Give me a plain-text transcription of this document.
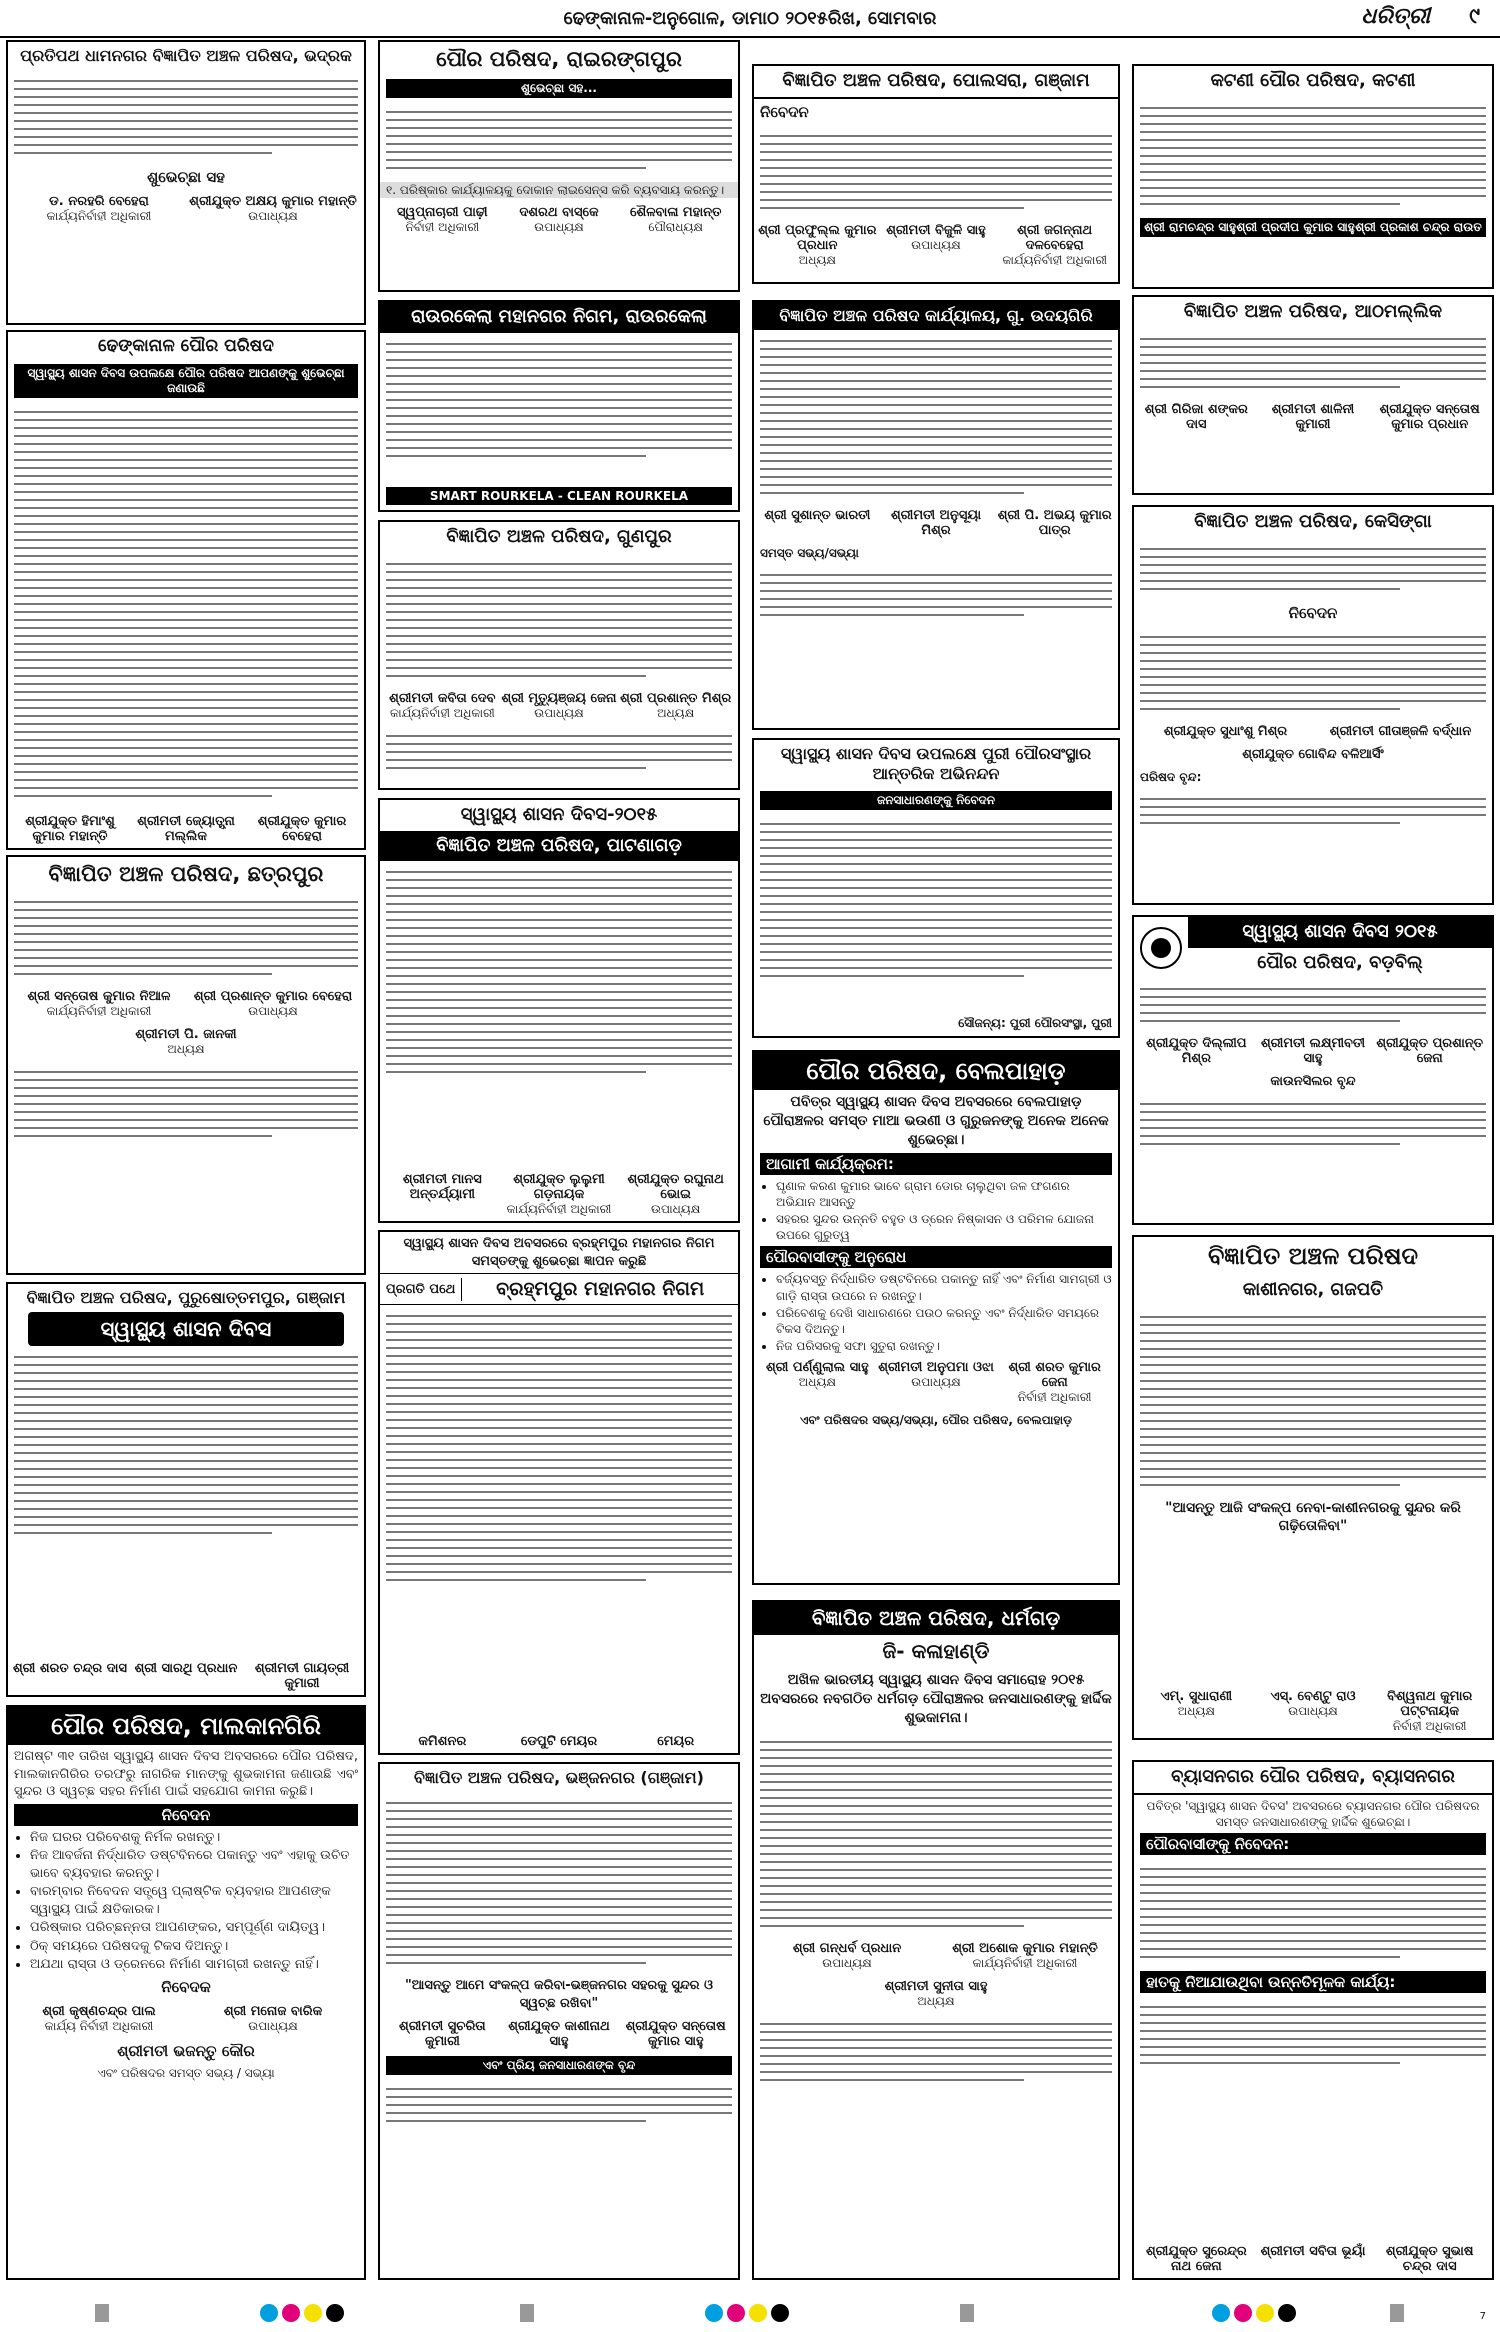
ଢେଙ୍କାନାଳ-ଅନୁଗୋଳ, ଡାମାଠ ୨୦୧୫ରିଖ, ସୋମବାର	ଧରିତ୍ରୀ ୯
ପ୍ରତିପଥ ଧାମନଗର ବିଜ୍ଞାପିତ ଅଞ୍ଚଳ ପରିଷଦ, ଭଦ୍ରକ
ଶୁଭେଚ୍ଛା ସହ
ଡ. ନରହରି ବେହେରା
କାର୍ଯ୍ୟନିର୍ବାହୀ ଅଧିକାରୀ
ଶ୍ରୀଯୁକ୍ତ ଅକ୍ଷୟ କୁମାର ମହାନ୍ତି
ଉପାଧ୍ୟକ୍ଷ
ଢେଙ୍କାନାଳ ପୌର ପରିଷଦ
ସ୍ୱାସ୍ଥ୍ୟ ଶାସନ ଦିବସ ଉପଲକ୍ଷେ ପୌର ପରିଷଦ ଆପଣଙ୍କୁ ଶୁଭେଚ୍ଛା ଜଣାଉଛି
ଶ୍ରୀଯୁକ୍ତ ହିମାଂଶୁ କୁମାର ମହାନ୍ତି
ଶ୍ରୀମତୀ ଜ୍ୟୋତ୍ସ୍ନା ମଲ୍ଲିକ
ଶ୍ରୀଯୁକ୍ତ କୁମାର ବେହେରା
ବିଜ୍ଞାପିତ ଅଞ୍ଚଳ ପରିଷଦ, ଛତ୍ରପୁର
ଶ୍ରୀ ସନ୍ତୋଷ କୁମାର ନିଆଳ
କାର୍ଯ୍ୟନିର୍ବାହୀ ଅଧିକାରୀ
ଶ୍ରୀ ପ୍ରଶାନ୍ତ କୁମାର ବେହେରା
ଉପାଧ୍ୟକ୍ଷ
ଶ୍ରୀମତୀ ପି. ଜାନକୀ
ଅଧ୍ୟକ୍ଷ
ବିଜ୍ଞାପିତ ଅଞ୍ଚଳ ପରିଷଦ, ପୁରୁଷୋତ୍ତମପୁର, ଗଞ୍ଜାମ
ସ୍ୱାସ୍ଥ୍ୟ ଶାସନ ଦିବସ
ଶ୍ରୀ ଶରତ ଚନ୍ଦ୍ର ଦାସ ଶ୍ରୀ ସାରଥି ପ୍ରଧାନ	ଶ୍ରୀମତୀ ଗାୟତ୍ରୀ କୁମାରୀ
ପୌର ପରିଷଦ, ମାଲକାନଗିରି

ଅଗଷ୍ଟ ୩୧ ତାରିଖ ସ୍ୱାସ୍ଥ୍ୟ ଶାସନ ଦିବସ ଅବସରରେ ପୌର ପରିଷଦ, ମାଲକାନଗିରିର ତରଫରୁ ନାଗରିକ ମାନଙ୍କୁ ଶୁଭକାମନା ଜଣାଉଛି ଏବଂ ସୁନ୍ଦର ଓ ସ୍ୱଚ୍ଛ ସହର ନିର୍ମାଣ ପାଇଁ ସହଯୋଗ କାମନା କରୁଛି।

ନିବେଦନ
• ନିଜ ଘରର ପରିବେଶକୁ ନିର୍ମଳ ରଖନ୍ତୁ।
• ନିଜ ଆବର୍ଜନା ନିର୍ଦ୍ଧାରିତ ଡଷ୍ଟବିନରେ ପକାନ୍ତୁ ଏବଂ ଏହାକୁ ଉଚିତ ଭାବେ ବ୍ୟବହାର କରନ୍ତୁ।
• ବାରମ୍ବାର ନିବେଦନ ସତ୍ତ୍ୱେ ପ୍ଲାଷ୍ଟିକ ବ୍ୟବହାର ଆପଣଙ୍କ ସ୍ୱାସ୍ଥ୍ୟ ପାଇଁ କ୍ଷତିକାରକ।
• ପରିଷ୍କାର ପରିଚ୍ଛନ୍ନତା ଆପଣଙ୍କର, ସମ୍ପୂର୍ଣ୍ଣ ଦାୟିତ୍ୱ।
• ଠିକ୍ ସମୟରେ ପରିଷଦକୁ ଟିକସ ଦିଅନ୍ତୁ।
• ଅଯଥା ରାସ୍ତା ଓ ଡ୍ରେନରେ ନିର୍ମାଣ ସାମଗ୍ରୀ ରଖନ୍ତୁ ନାହିଁ।
ନିବେଦକ
ଶ୍ରୀ କୃଷ୍ଣଚନ୍ଦ୍ର ପାଲ
କାର୍ଯ୍ୟ ନିର୍ବାହୀ ଅଧିକାରୀ
ଶ୍ରୀ ମନୋଜ ବାରିକ
ଉପାଧ୍ୟକ୍ଷ
ଶ୍ରୀମତୀ ଭଜନ୍ତୁ କୌର

ଏବଂ ପରିଷଦର ସମସ୍ତ ସଭ୍ୟ / ସଭ୍ୟା

ପୌର ପରିଷଦ, ରାଇରଙ୍ଗପୁର
ଶୁଭେଚ୍ଛା ସହ...

୧. ପରିଷ୍କାର କାର୍ଯ୍ୟାଳୟକୁ ଦୋକାନ ଲାଇସେନ୍ସ କରି ବ୍ୟବସାୟ କରନ୍ତୁ।

ସ୍ୱପ୍ନାଚାରୀ ପାଢ଼ୀ
ନିର୍ବାହୀ ଅଧିକାରୀ
ଦଶରଥ ବାସ୍କେ
ଉପାଧ୍ୟକ୍ଷ
ଶୈଳବାଳା ମହାନ୍ତ
ପୌରାଧ୍ୟକ୍ଷ
ରାଉରକେଲା ମହାନଗର ନିଗମ, ରାଉରକେଲା
SMART ROURKELA - CLEAN ROURKELA
ବିଜ୍ଞାପିତ ଅଞ୍ଚଳ ପରିଷଦ, ଗୁଣପୁର
ଶ୍ରୀମତୀ କବିତା ଦେବ
କାର୍ଯ୍ୟନିର୍ବାହୀ ଅଧିକାରୀ
ଶ୍ରୀ ମୃତ୍ୟୁଞ୍ଜୟ ଜେନା
ଉପାଧ୍ୟକ୍ଷ
ଶ୍ରୀ ପ୍ରଶାନ୍ତ ମିଶ୍ର
ଅଧ୍ୟକ୍ଷ
ସ୍ୱାସ୍ଥ୍ୟ ଶାସନ ଦିବସ-୨୦୧୫
ବିଜ୍ଞାପିତ ଅଞ୍ଚଳ ପରିଷଦ, ପାଟଣାଗଡ଼
ଶ୍ରୀମତୀ ମାନସ ଅନ୍ତର୍ଯ୍ୟାମୀ
ଶ୍ରୀଯୁକ୍ତ ଲୁଲୁମୀ ଗଡ଼ନାୟକ
କାର୍ଯ୍ୟନିର୍ବାହୀ ଅଧିକାରୀ
ଶ୍ରୀଯୁକ୍ତ ରଘୁନାଥ ଭୋଇ
ଉପାଧ୍ୟକ୍ଷ

ସ୍ୱାସ୍ଥ୍ୟ ଶାସନ ଦିବସ ଅବସରରେ ବ୍ରହ୍ମପୁର ମହାନଗର ନିଗମ ସମସ୍ତଙ୍କୁ ଶୁଭେଚ୍ଛା ଜ୍ଞାପନ କରୁଛି

ପ୍ରଗତି ପଥେ	ବ୍ରହ୍ମପୁର ମହାନଗର ନିଗମ
କମିଶନର	ଡେପୁଟି ମେୟର	ମେୟର
ବିଜ୍ଞାପିତ ଅଞ୍ଚଳ ପରିଷଦ, ଭଞ୍ଜନଗର (ଗଞ୍ଜାମ)

"ଆସନ୍ତୁ ଆମେ ସଂକଳ୍ପ କରିବା-ଭଞ୍ଜନଗର ସହରକୁ ସୁନ୍ଦର ଓ ସ୍ୱଚ୍ଛ ରଖିବା"

ଶ୍ରୀମତୀ ସୁଚରିତା କୁମାରୀ
ଶ୍ରୀଯୁକ୍ତ କାଶୀନାଥ ସାହୁ
ଶ୍ରୀଯୁକ୍ତ ସନ୍ତୋଷ କୁମାର ସାହୁ
ଏବଂ ପ୍ରିୟ ଜନସାଧାରଣଙ୍କ ବୃନ୍ଦ
ବିଜ୍ଞାପିତ ଅଞ୍ଚଳ ପରିଷଦ, ପୋଲସରା, ଗଞ୍ଜାମ
ନିବେଦନ
ଶ୍ରୀ ପ୍ରଫୁଲ୍ଲ କୁମାର ପ୍ରଧାନ
ଅଧ୍ୟକ୍ଷ
ଶ୍ରୀମତୀ ବିଜୁଳି ସାହୁ
ଉପାଧ୍ୟକ୍ଷ
ଶ୍ରୀ ଜଗନ୍ନାଥ ଦଳବେହେରା
କାର୍ଯ୍ୟନିର୍ବାହୀ ଅଧିକାରୀ
ବିଜ୍ଞାପିତ ଅଞ୍ଚଳ ପରିଷଦ କାର୍ଯ୍ୟାଳୟ, ଗୁ. ଉଦୟଗିରି
ଶ୍ରୀ ସୁଶାନ୍ତ ଭାରତୀ	ଶ୍ରୀମତୀ ଅନୁସୂୟା ମିଶ୍ର
ଶ୍ରୀ ପି. ଅଭୟ କୁମାର ପାତ୍ର

ସମସ୍ତ ସଭ୍ୟ/ସଭ୍ୟା

ସ୍ୱାସ୍ଥ୍ୟ ଶାସନ ଦିବସ ଉପଲକ୍ଷେ ପୁରୀ ପୌରସଂସ୍ଥାର ଆନ୍ତରିକ ଅଭିନନ୍ଦନ
ଜନସାଧାରଣଙ୍କୁ ନିବେଦନ

ସୌଜନ୍ୟ: ପୁରୀ ପୌରସଂସ୍ଥା, ପୁରୀ

ପୌର ପରିଷଦ, ବେଲପାହାଡ଼

ପବିତ୍ର ସ୍ୱାସ୍ଥ୍ୟ ଶାସନ ଦିବସ ଅବସରରେ ବେଲପାହାଡ଼ ପୌରାଞ୍ଚଳର ସମସ୍ତ ମାଆ ଭଉଣୀ ଓ ଗୁରୁଜନଙ୍କୁ ଅନେକ ଅନେକ ଶୁଭେଚ୍ଛା।

ଆଗାମୀ କାର୍ଯ୍ୟକ୍ରମ:
• ଘୃଣାଳ କରଣ କୁମାର ଭାବେ ଗ୍ରାମ ଡୋର ଚାଲୁଥିବା ଜଳ ଫଗଣର ଅଭିଯାନ ଆସନ୍ତୁ
• ସହରର ସୁନ୍ଦର ଉନ୍ନତି ବହୁତ ଓ ଡ୍ରେନ ନିଷ୍କାସନ ଓ ପରିମଳ ଯୋଜନା ଉପରେ ଗୁରୁତ୍ୱ
ପୌରବାସୀଙ୍କୁ ଅନୁରୋଧ
• ବର୍ଜ୍ୟବସ୍ତୁ ନିର୍ଦ୍ଧାରିତ ଡଷ୍ଟବିନରେ ପକାନ୍ତୁ ନାହିଁ ଏବଂ ନିର୍ମାଣ ସାମଗ୍ରୀ ଓ ଗାଡ଼ି ରାସ୍ତା ଉପରେ ନ ରଖନ୍ତୁ।
• ପରିବେଶକୁ ଦେଖି ସାଧାରଣରେ ପଉଠ କରନ୍ତୁ ଏବଂ ନିର୍ଦ୍ଧାରିତ ସମୟରେ ଟିକସ ଦିଅନ୍ତୁ।
• ନିଜ ପରିସରକୁ ସଫା ସୁତୁରା ରଖନ୍ତୁ।
ଶ୍ରୀ ପର୍ଣ୍ଣୁଲାଲ ସାହୁ
ଅଧ୍ୟକ୍ଷ
ଶ୍ରୀମତୀ ଅନୁପମା ଓଝା
ଉପାଧ୍ୟକ୍ଷ
ଶ୍ରୀ ଶରତ କୁମାର ଜେନା
ନିର୍ବାହୀ ଅଧିକାରୀ

ଏବଂ ପରିଷଦର ସଭ୍ୟ/ସଭ୍ୟା, ପୌର ପରିଷଦ, ବେଲପାହାଡ଼

ବିଜ୍ଞାପିତ ଅଞ୍ଚଳ ପରିଷଦ, ଧର୍ମଗଡ଼
ଜି- କଳାହାଣ୍ଡି

ଅଖିଳ ଭାରତୀୟ ସ୍ୱାସ୍ଥ୍ୟ ଶାସନ ଦିବସ ସମାରୋହ ୨୦୧୫ ଅବସରରେ ନବଗଠିତ ଧର୍ମଗଡ଼ ପୌରାଞ୍ଚଳର ଜନସାଧାରଣଙ୍କୁ ହାର୍ଦ୍ଦିକ ଶୁଭକାମନା।

ଶ୍ରୀ ଗନ୍ଧର୍ବ ପ୍ରଧାନ
ଉପାଧ୍ୟକ୍ଷ
ଶ୍ରୀ ଅଶୋକ କୁମାର ମହାନ୍ତି
କାର୍ଯ୍ୟନିର୍ବାହୀ ଅଧିକାରୀ
ଶ୍ରୀମତୀ ସୁନୀତା ସାହୁ
ଅଧ୍ୟକ୍ଷ
କଟଣୀ ପୌର ପରିଷଦ, କଟଣୀ
ଶ୍ରୀ ରାମଚନ୍ଦ୍ର ସାହୁ ଶ୍ରୀ ପ୍ରଦୀପ କୁମାର ସାହୁ ଶ୍ରୀ ପ୍ରକାଶ ଚନ୍ଦ୍ର ରାଉତ
ବିଜ୍ଞାପିତ ଅଞ୍ଚଳ ପରିଷଦ, ଆଠମଲ୍ଲିକ
ଶ୍ରୀ ଗିରିଜା ଶଙ୍କର ଦାସ
ଶ୍ରୀମତୀ ଶାଳିନୀ କୁମାରୀ
ଶ୍ରୀଯୁକ୍ତ ସନ୍ତୋଷ କୁମାର ପ୍ରଧାନ
ବିଜ୍ଞାପିତ ଅଞ୍ଚଳ ପରିଷଦ, କେସିଙ୍ଗା
ନିବେଦନ
ଶ୍ରୀଯୁକ୍ତ ସୁଧାଂଶୁ ମିଶ୍ର	ଶ୍ରୀମତୀ ଗୀତାଞ୍ଜଳି ବର୍ଦ୍ଧାନ
ଶ୍ରୀଯୁକ୍ତ ଗୋବିନ୍ଦ ବଳିଆର୍ସିଂ

ପରିଷଦ ବୃନ୍ଦ:

ସ୍ୱାସ୍ଥ୍ୟ ଶାସନ ଦିବସ ୨୦୧୫
ପୌର ପରିଷଦ, ବଡ଼ବିଲ୍
ଶ୍ରୀଯୁକ୍ତ ଦିଲ୍ଲୀପ ମିଶ୍ର
ଶ୍ରୀମତୀ ଲକ୍ଷ୍ମୀବତୀ ସାହୁ
ଶ୍ରୀଯୁକ୍ତ ପ୍ରଶାନ୍ତ ଜେନା
କାଉନସିଲର ବୃନ୍ଦ
ବିଜ୍ଞାପିତ ଅଞ୍ଚଳ ପରିଷଦ
କାଶୀନଗର, ଗଜପତି

"ଆସନ୍ତୁ ଆଜି ସଂକଳ୍ପ ନେବା-କାଶୀନଗରକୁ ସୁନ୍ଦର କରି ଗଢ଼ିତୋଳିବା"

ଏମ୍. ସୁଧାରାଣୀ
ଅଧ୍ୟକ୍ଷ
ଏସ୍. ବେଣ୍ଟୁ ରାଓ
ଉପାଧ୍ୟକ୍ଷ
ବିଶ୍ୱନାଥ କୁମାର ପଟ୍ଟନାୟକ
ନିର୍ବାହୀ ଅଧିକାରୀ
ବ୍ୟାସନଗର ପୌର ପରିଷଦ, ବ୍ୟାସନଗର

ପବିତ୍ର 'ସ୍ୱାସ୍ଥ୍ୟ ଶାସନ ଦିବସ' ଅବସରରେ ବ୍ୟାସନଗର ପୌର ପରିଷଦର ସମସ୍ତ ଜନସାଧାରଣଙ୍କୁ ହାର୍ଦ୍ଦିକ ଶୁଭେଚ୍ଛା।

ପୌରବାସୀଙ୍କୁ ନିବେଦନ:
ହାତକୁ ନିଆଯାଉଥିବା ଉନ୍ନତିମୂଳକ କାର୍ଯ୍ୟ:
ଶ୍ରୀଯୁକ୍ତ ସୁରେନ୍ଦ୍ର ନାଥ ଜେନା
ଶ୍ରୀମତୀ ସବିତା ଭୂୟାଁ	ଶ୍ରୀଯୁକ୍ତ ସୁଭାଷ ଚନ୍ଦ୍ର ଦାସ
7
